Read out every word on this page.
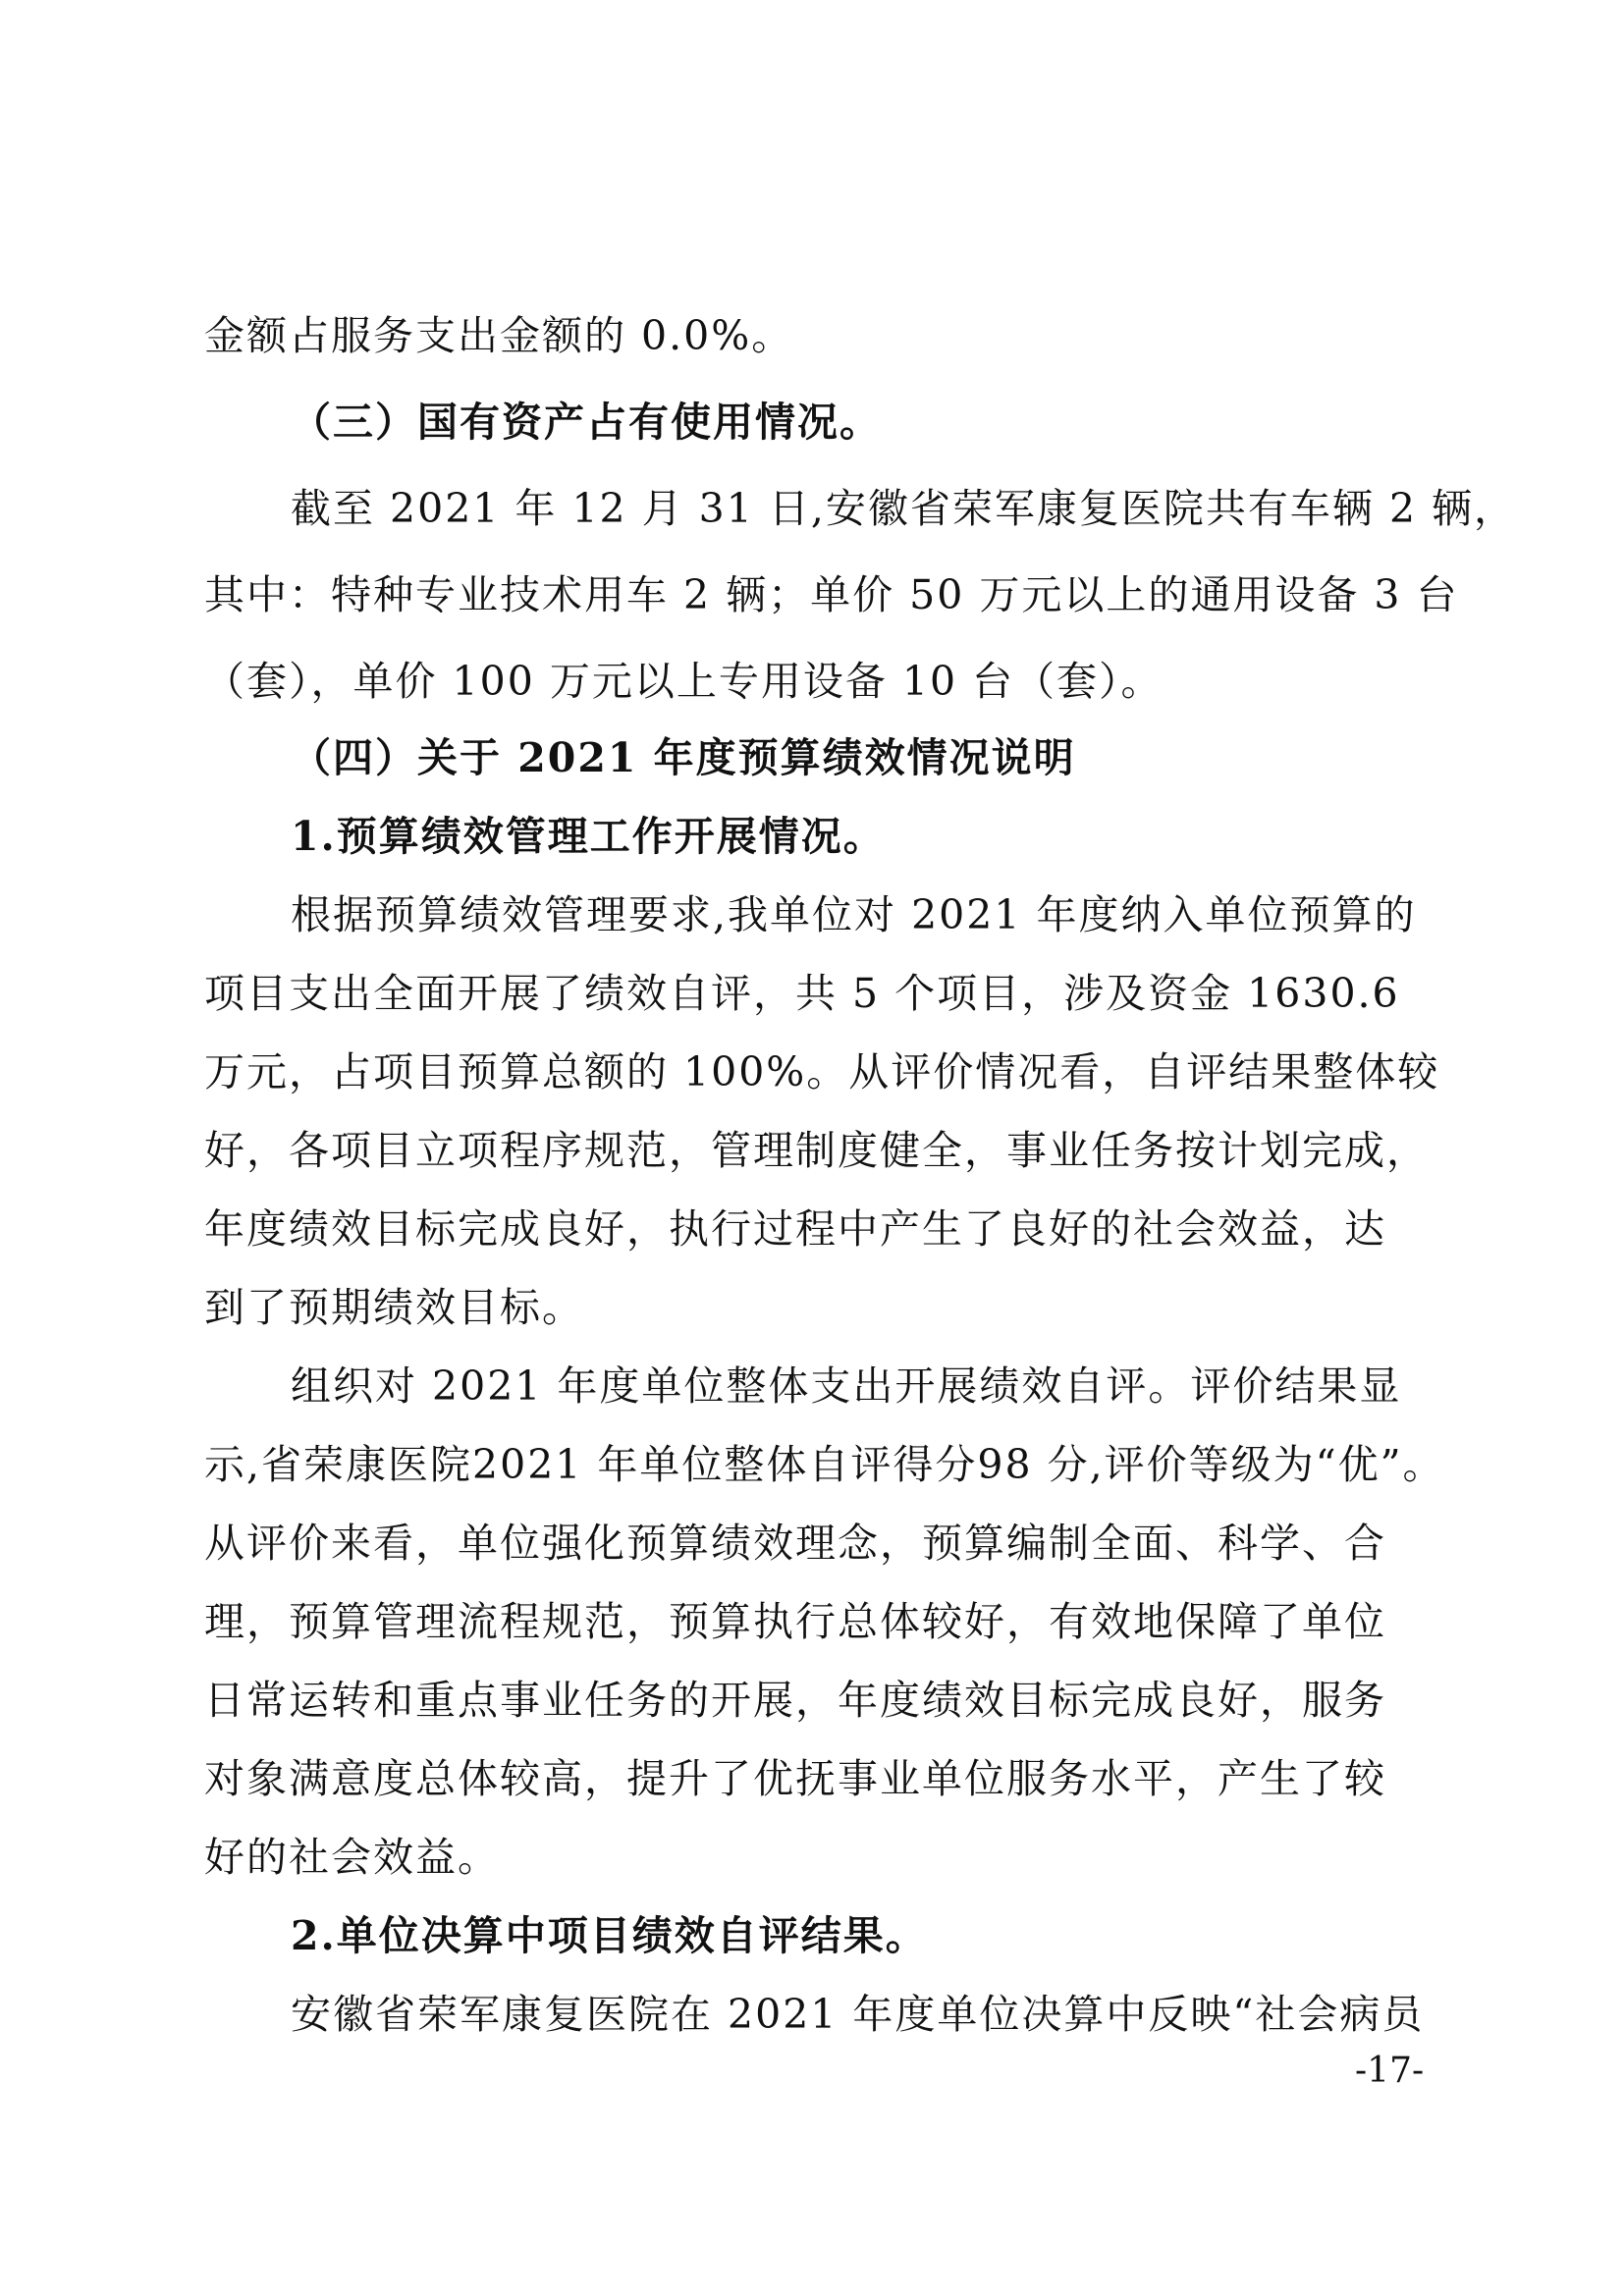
金额占服务支出金额的 0.0%。
（三）国有资产占有使用情况。
截至 2021 年 12 月 31 日,安徽省荣军康复医院共有车辆 2 辆，
其中：特种专业技术用车 2 辆；单价 50 万元以上的通用设备 3 台
（套），单价 100 万元以上专用设备 10 台（套）。
（四）关于 2021 年度预算绩效情况说明
1.预算绩效管理工作开展情况。
根据预算绩效管理要求,我单位对 2021 年度纳入单位预算的
项目支出全面开展了绩效自评，共 5 个项目，涉及资金 1630.6
万元，占项目预算总额的 100%。从评价情况看，自评结果整体较
好，各项目立项程序规范，管理制度健全，事业任务按计划完成，
年度绩效目标完成良好，执行过程中产生了良好的社会效益，达
到了预期绩效目标。
组织对 2021 年度单位整体支出开展绩效自评。评价结果显
示,省荣康医院2021 年单位整体自评得分98 分,评价等级为“优”。
从评价来看，单位强化预算绩效理念，预算编制全面、科学、合
理，预算管理流程规范，预算执行总体较好，有效地保障了单位
日常运转和重点事业任务的开展，年度绩效目标完成良好，服务
对象满意度总体较高，提升了优抚事业单位服务水平，产生了较
好的社会效益。
2.单位决算中项目绩效自评结果。
安徽省荣军康复医院在 2021 年度单位决算中反映“社会病员
-17-
